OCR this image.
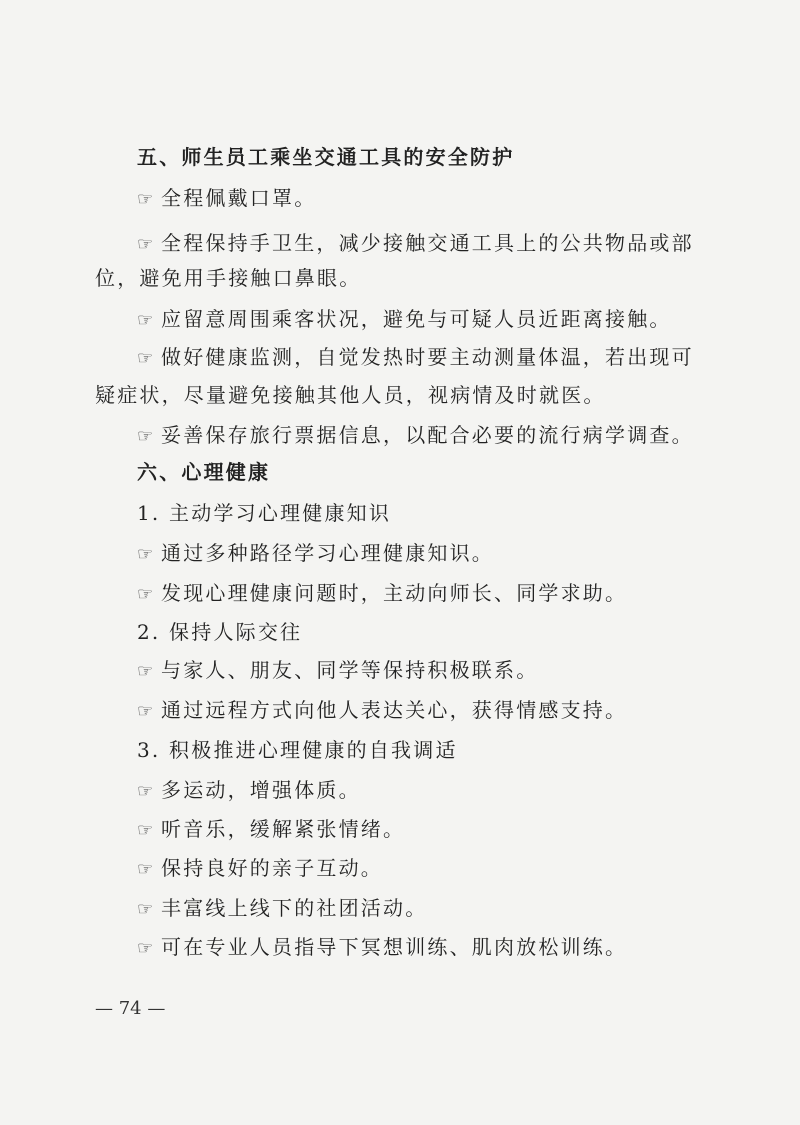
五、师生员工乘坐交通工具的安全防护
☞ 全程佩戴口罩。
☞ 全程保持手卫生，减少接触交通工具上的公共物品或部
位，避免用手接触口鼻眼。
☞ 应留意周围乘客状况，避免与可疑人员近距离接触。
☞ 做好健康监测，自觉发热时要主动测量体温，若出现可
疑症状，尽量避免接触其他人员，视病情及时就医。
☞ 妥善保存旅行票据信息，以配合必要的流行病学调查。
六、心理健康
1. 主动学习心理健康知识
☞ 通过多种路径学习心理健康知识。
☞ 发现心理健康问题时，主动向师长、同学求助。
2. 保持人际交往
☞ 与家人、朋友、同学等保持积极联系。
☞ 通过远程方式向他人表达关心，获得情感支持。
3. 积极推进心理健康的自我调适
☞ 多运动，增强体质。
☞ 听音乐，缓解紧张情绪。
☞ 保持良好的亲子互动。
☞ 丰富线上线下的社团活动。
☞ 可在专业人员指导下冥想训练、肌肉放松训练。
— 74 —
